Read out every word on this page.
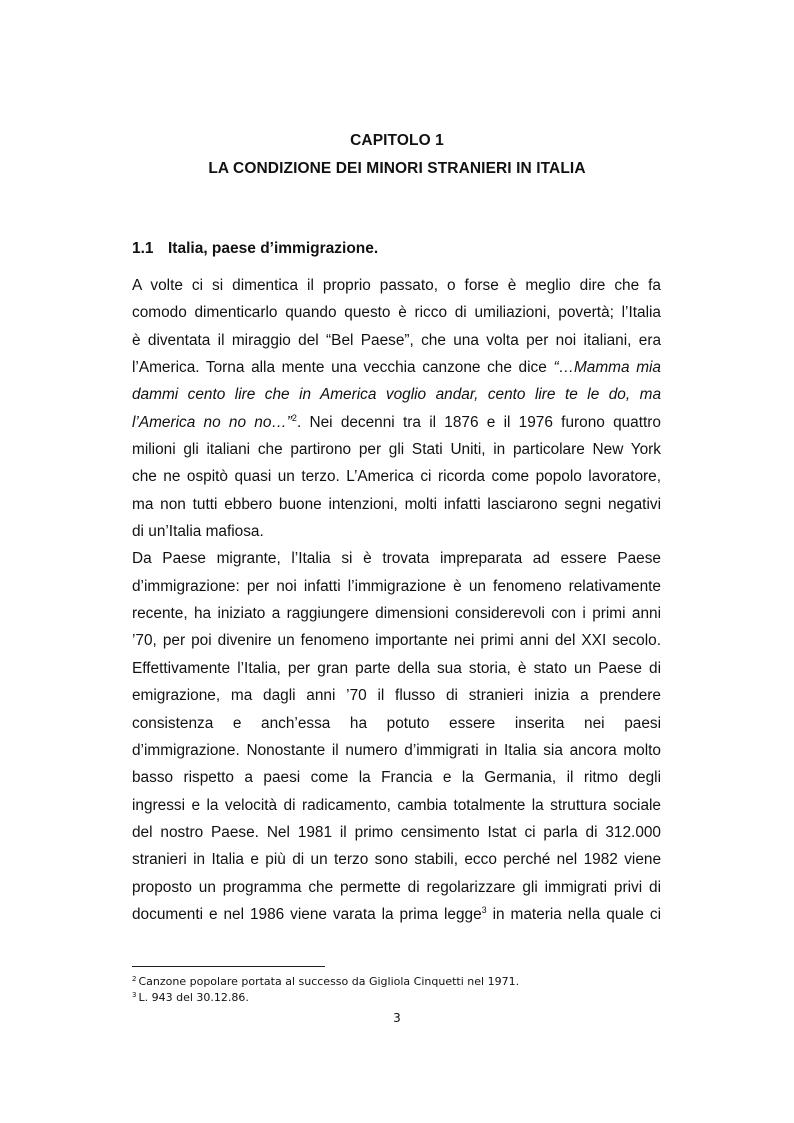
CAPITOLO 1
LA CONDIZIONE DEI MINORI STRANIERI IN ITALIA
1.1 Italia, paese d’immigrazione.
A volte ci si dimentica il proprio passato, o forse è meglio dire che fa
comodo dimenticarlo quando questo è ricco di umiliazioni, povertà; l’Italia
è diventata il miraggio del “Bel Paese”, che una volta per noi italiani, era
l’America. Torna alla mente una vecchia canzone che dice “…Mamma mia
dammi cento lire che in America voglio andar, cento lire te le do, ma
l’America no no no…”$^2$. Nei decenni tra il 1876 e il 1976 furono quattro
milioni gli italiani che partirono per gli Stati Uniti, in particolare New York
che ne ospitò quasi un terzo. L’America ci ricorda come popolo lavoratore,
ma non tutti ebbero buone intenzioni, molti infatti lasciarono segni negativi
di un’Italia mafiosa.
Da Paese migrante, l’Italia si è trovata impreparata ad essere Paese
d’immigrazione: per noi infatti l’immigrazione è un fenomeno relativamente
recente, ha iniziato a raggiungere dimensioni considerevoli con i primi anni
’70, per poi divenire un fenomeno importante nei primi anni del XXI secolo.
Effettivamente l’Italia, per gran parte della sua storia, è stato un Paese di
emigrazione, ma dagli anni ’70 il flusso di stranieri inizia a prendere
consistenza e anch’essa ha potuto essere inserita nei paesi
d’immigrazione. Nonostante il numero d’immigrati in Italia sia ancora molto
basso rispetto a paesi come la Francia e la Germania, il ritmo degli
ingressi e la velocità di radicamento, cambia totalmente la struttura sociale
del nostro Paese. Nel 1981 il primo censimento Istat ci parla di 312.000
stranieri in Italia e più di un terzo sono stabili, ecco perché nel 1982 viene
proposto un programma che permette di regolarizzare gli immigrati privi di
documenti e nel 1986 viene varata la prima legge$^3$ in materia nella quale ci
$^2$ Canzone popolare portata al successo da Gigliola Cinquetti nel 1971.
$^3$ L. 943 del 30.12.86.
3
